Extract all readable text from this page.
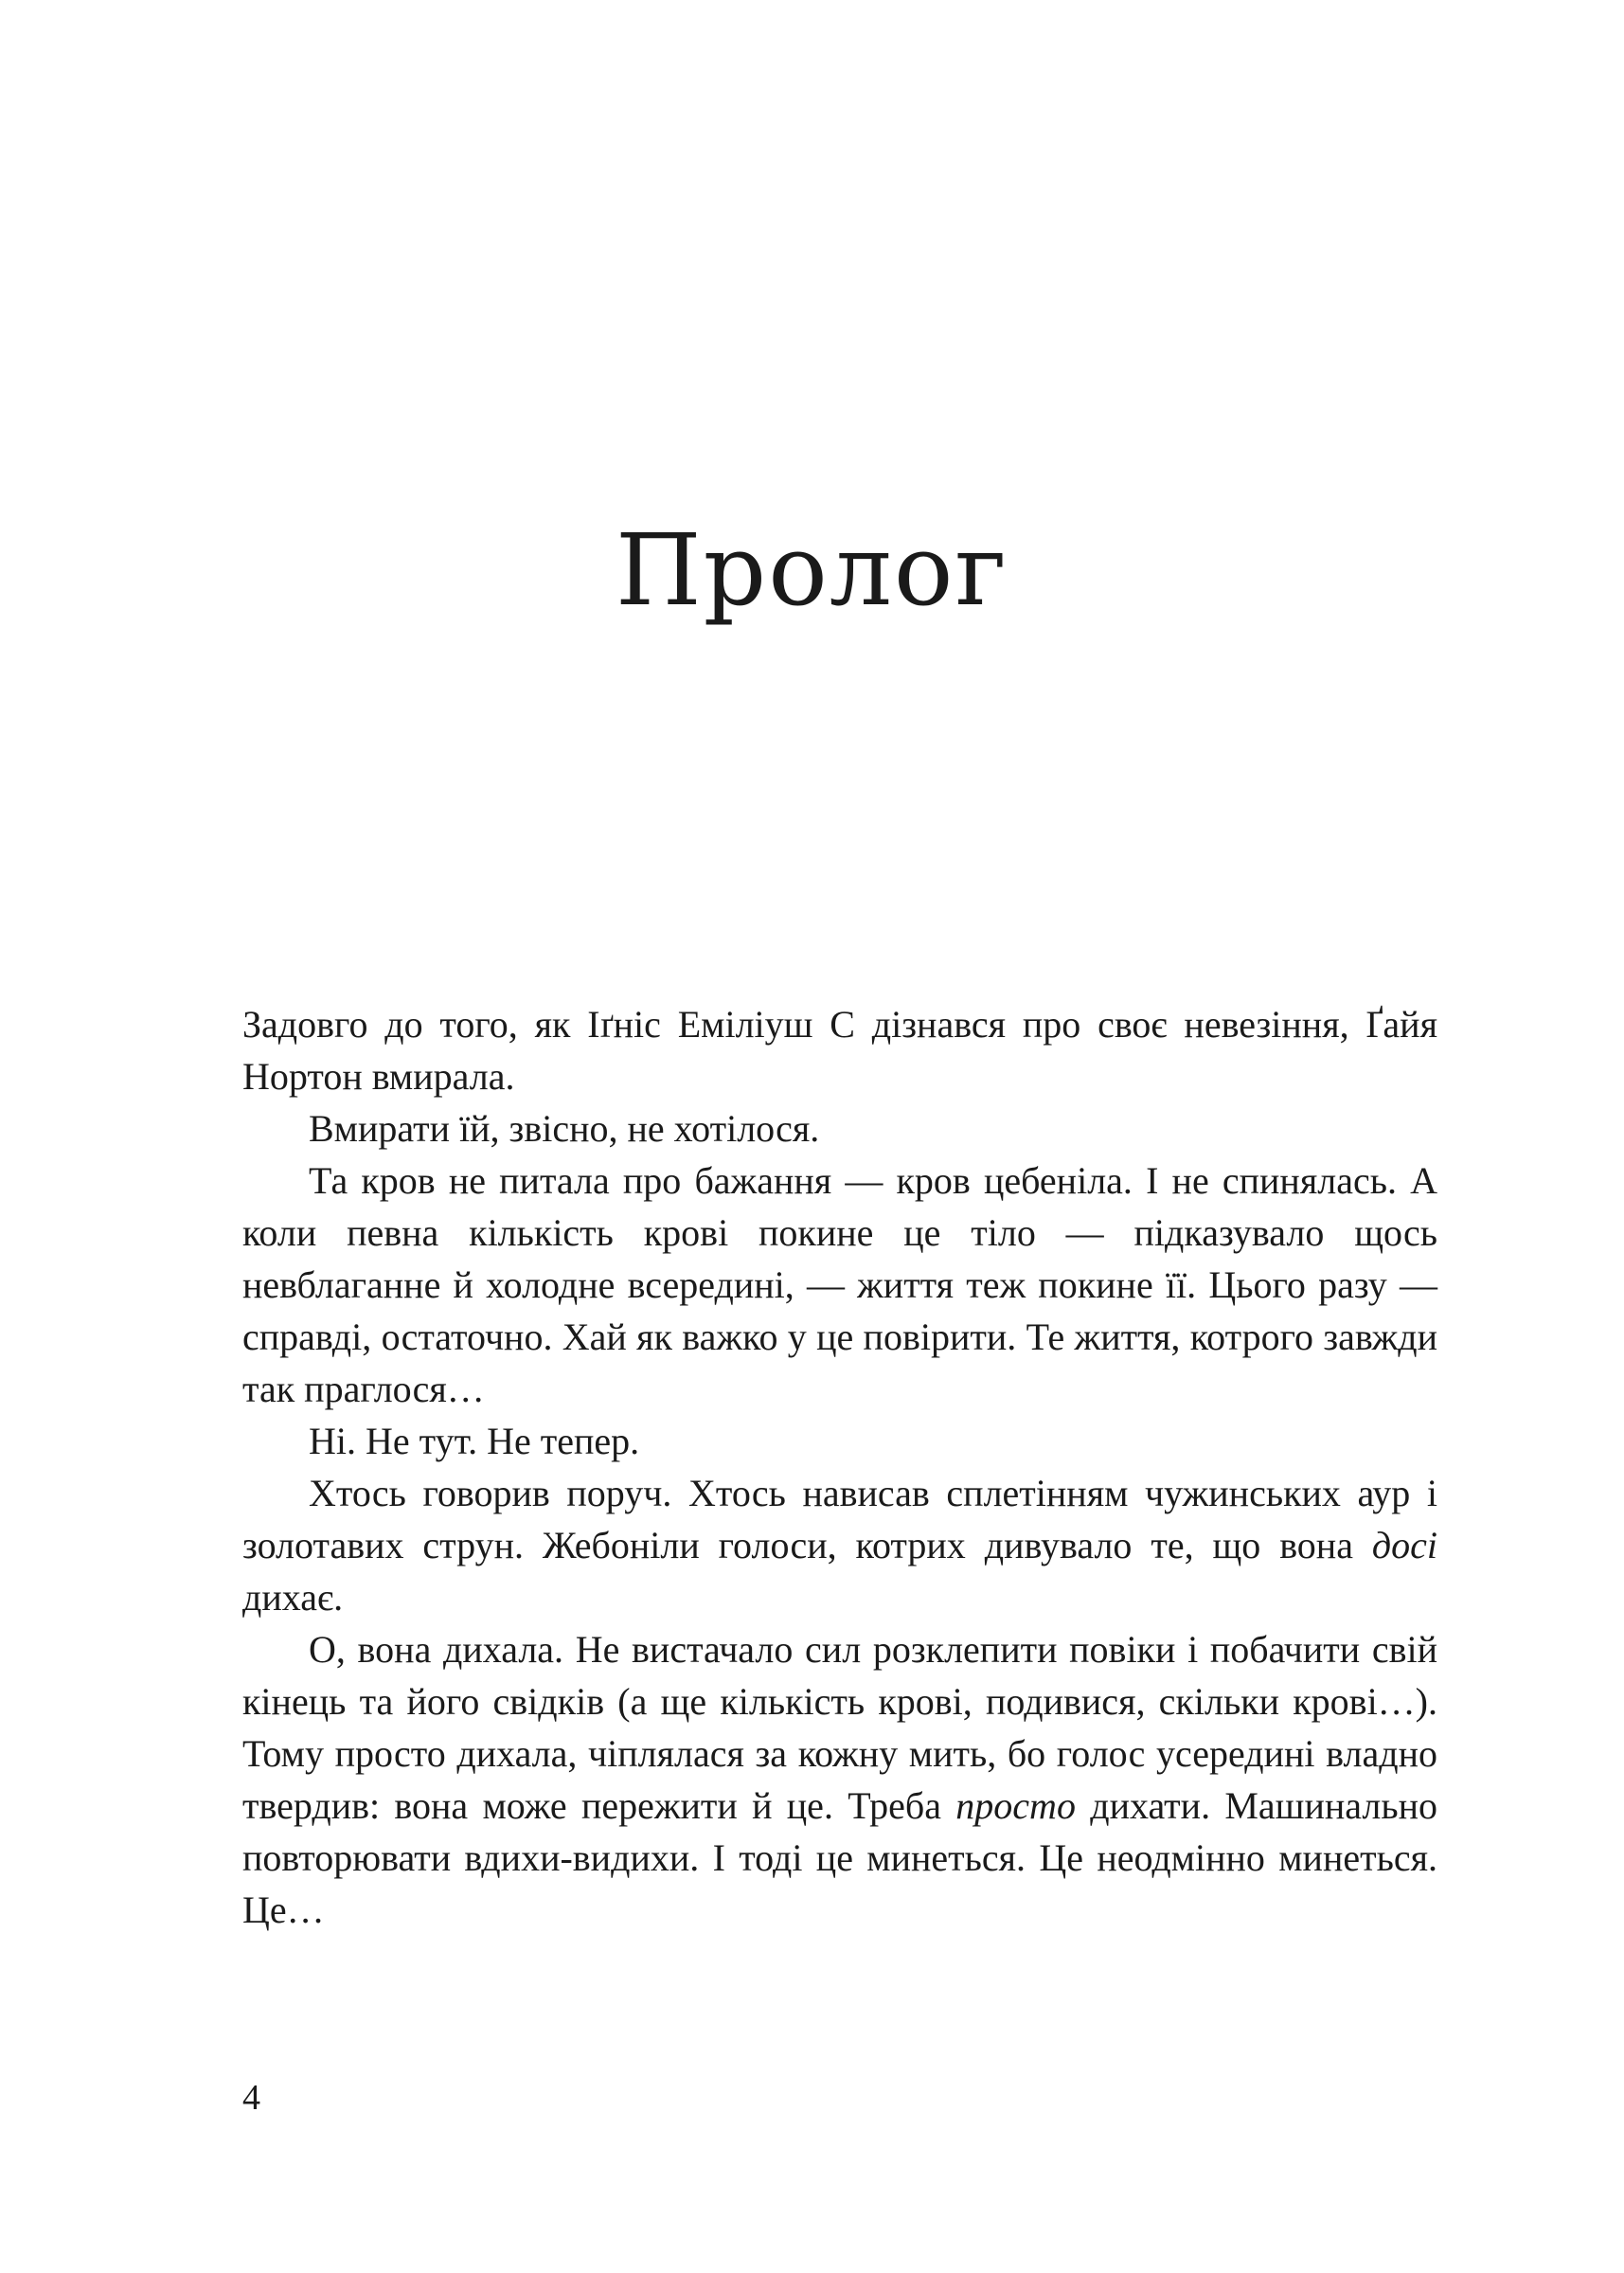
Пролог

Задовго до того, як Іґніс Еміліуш С дізнався про своє невезіння, Ґайя Нортон вмирала.

Вмирати їй, звісно, не хотілося.

Та кров не питала про бажання — кров цебеніла. І не спинялась. А коли певна кількість крові покине це тіло — підказувало щось невблаганне й холодне всередині, — життя теж покине її. Цього разу — справді, остаточно. Хай як важко у це повірити. Те життя, котрого завжди так праглося…

Ні. Не тут. Не тепер.

Хтось говорив поруч. Хтось нависав сплетінням чужинських аур і золотавих струн. Жебоніли голоси, котрих дивувало те, що вона досі дихає.

О, вона дихала. Не вистачало сил розклепити повіки і побачити свій кінець та його свідків (а ще кількість крові, подивися, скільки крові…). Тому просто дихала, чіплялася за кожну мить, бо голос усередині владно твердив: вона може пережити й це. Треба просто дихати. Машинально повторювати вдихи-видихи. І тоді це минеться. Це неодмінно минеться. Це…

4
